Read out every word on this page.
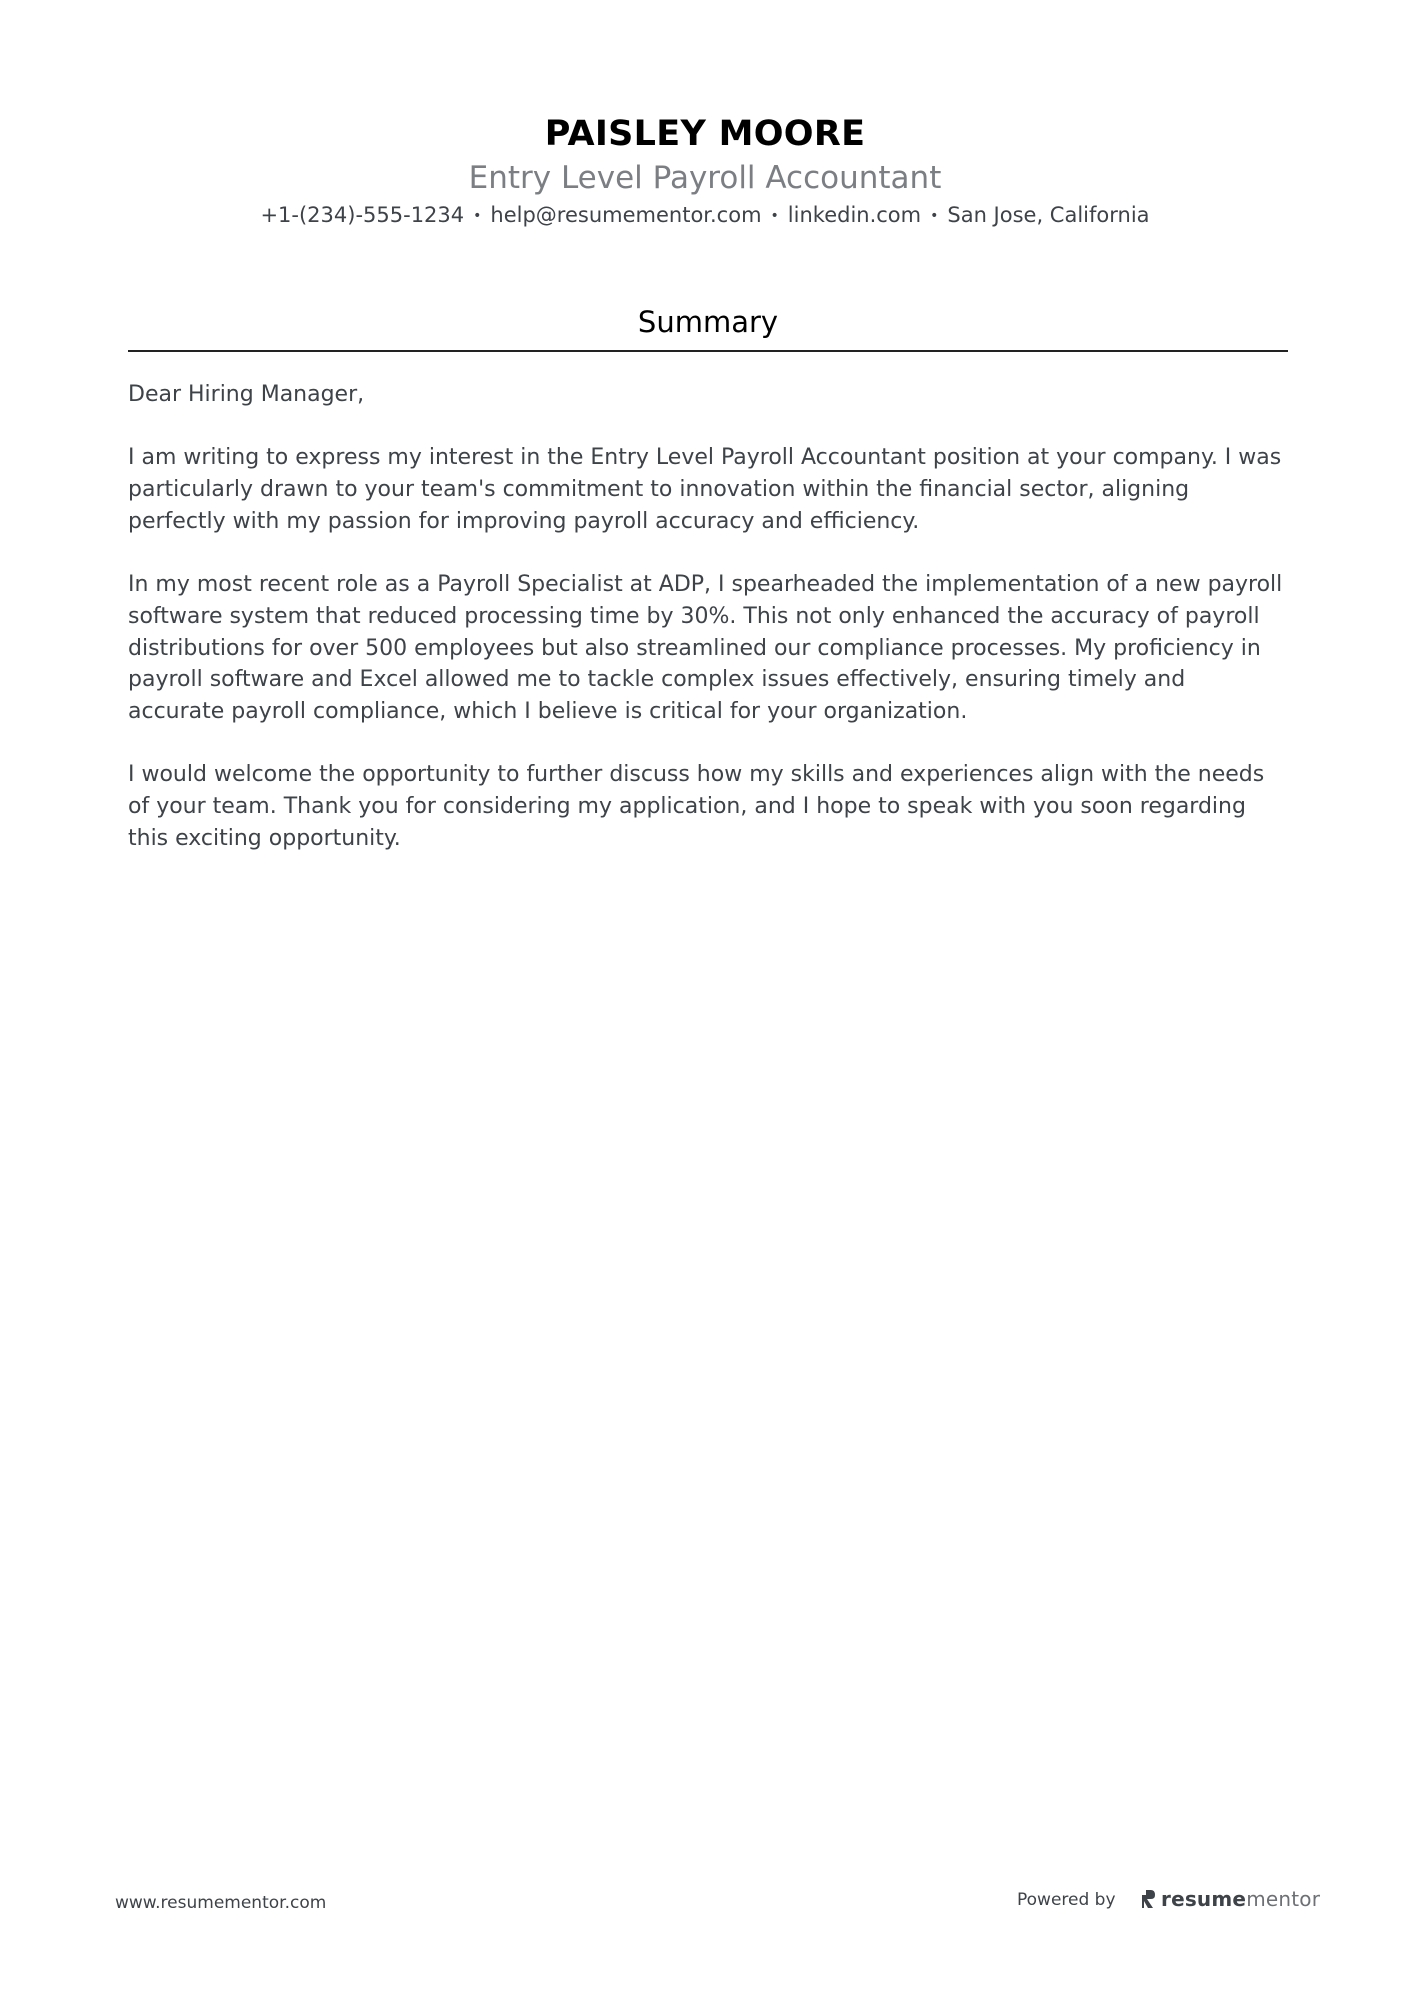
PAISLEY MOORE
Entry Level Payroll Accountant
+1-(234)-555-1234 • help@resumementor.com • linkedin.com • San Jose, California
Summary

Dear Hiring Manager,

I am writing to express my interest in the Entry Level Payroll Accountant position at your company. I was particularly drawn to your team's commitment to innovation within the financial sector, aligning perfectly with my passion for improving payroll accuracy and efficiency.

In my most recent role as a Payroll Specialist at ADP, I spearheaded the implementation of a new payroll software system that reduced processing time by 30%. This not only enhanced the accuracy of payroll distributions for over 500 employees but also streamlined our compliance processes. My proficiency in payroll software and Excel allowed me to tackle complex issues effectively, ensuring timely and accurate payroll compliance, which I believe is critical for your organization.

I would welcome the opportunity to further discuss how my skills and experiences align with the needs of your team. Thank you for considering my application, and I hope to speak with you soon regarding this exciting opportunity.

www.resumementor.com	Powered by resumementor
